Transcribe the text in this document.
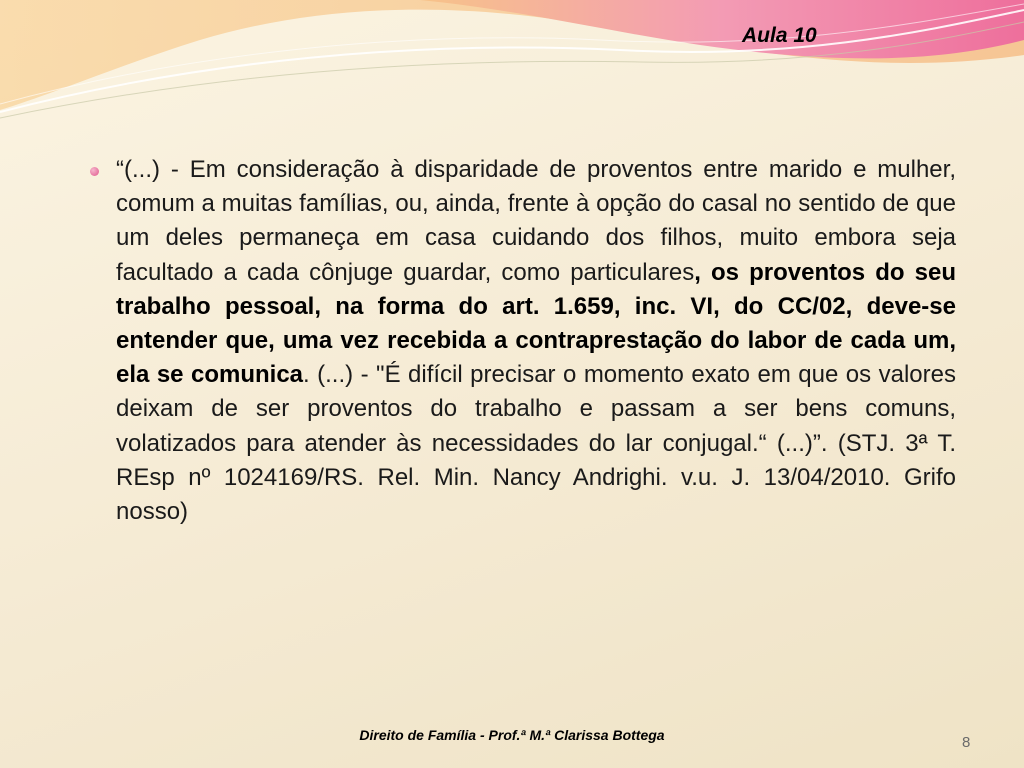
Aula 10

“(...) - Em consideração à disparidade de proventos entre marido e mulher, comum a muitas famílias, ou, ainda, frente à opção do casal no sentido de que um deles permaneça em casa cuidando dos filhos, muito embora seja facultado a cada cônjuge guardar, como particulares, os proventos do seu trabalho pessoal, na forma do art. 1.659, inc. VI, do CC/02, deve-se entender que, uma vez recebida a contraprestação do labor de cada um, ela se comunica. (...) - "É difícil precisar o momento exato em que os valores deixam de ser proventos do trabalho e passam a ser bens comuns, volatizados para atender às necessidades do lar conjugal.“ (...)”. (STJ. 3ª T. REsp nº 1024169/RS. Rel. Min. Nancy Andrighi. v.u. J. 13/04/2010. Grifo nosso)

Direito de Família - Prof.ª M.ª Clarissa Bottega	8
